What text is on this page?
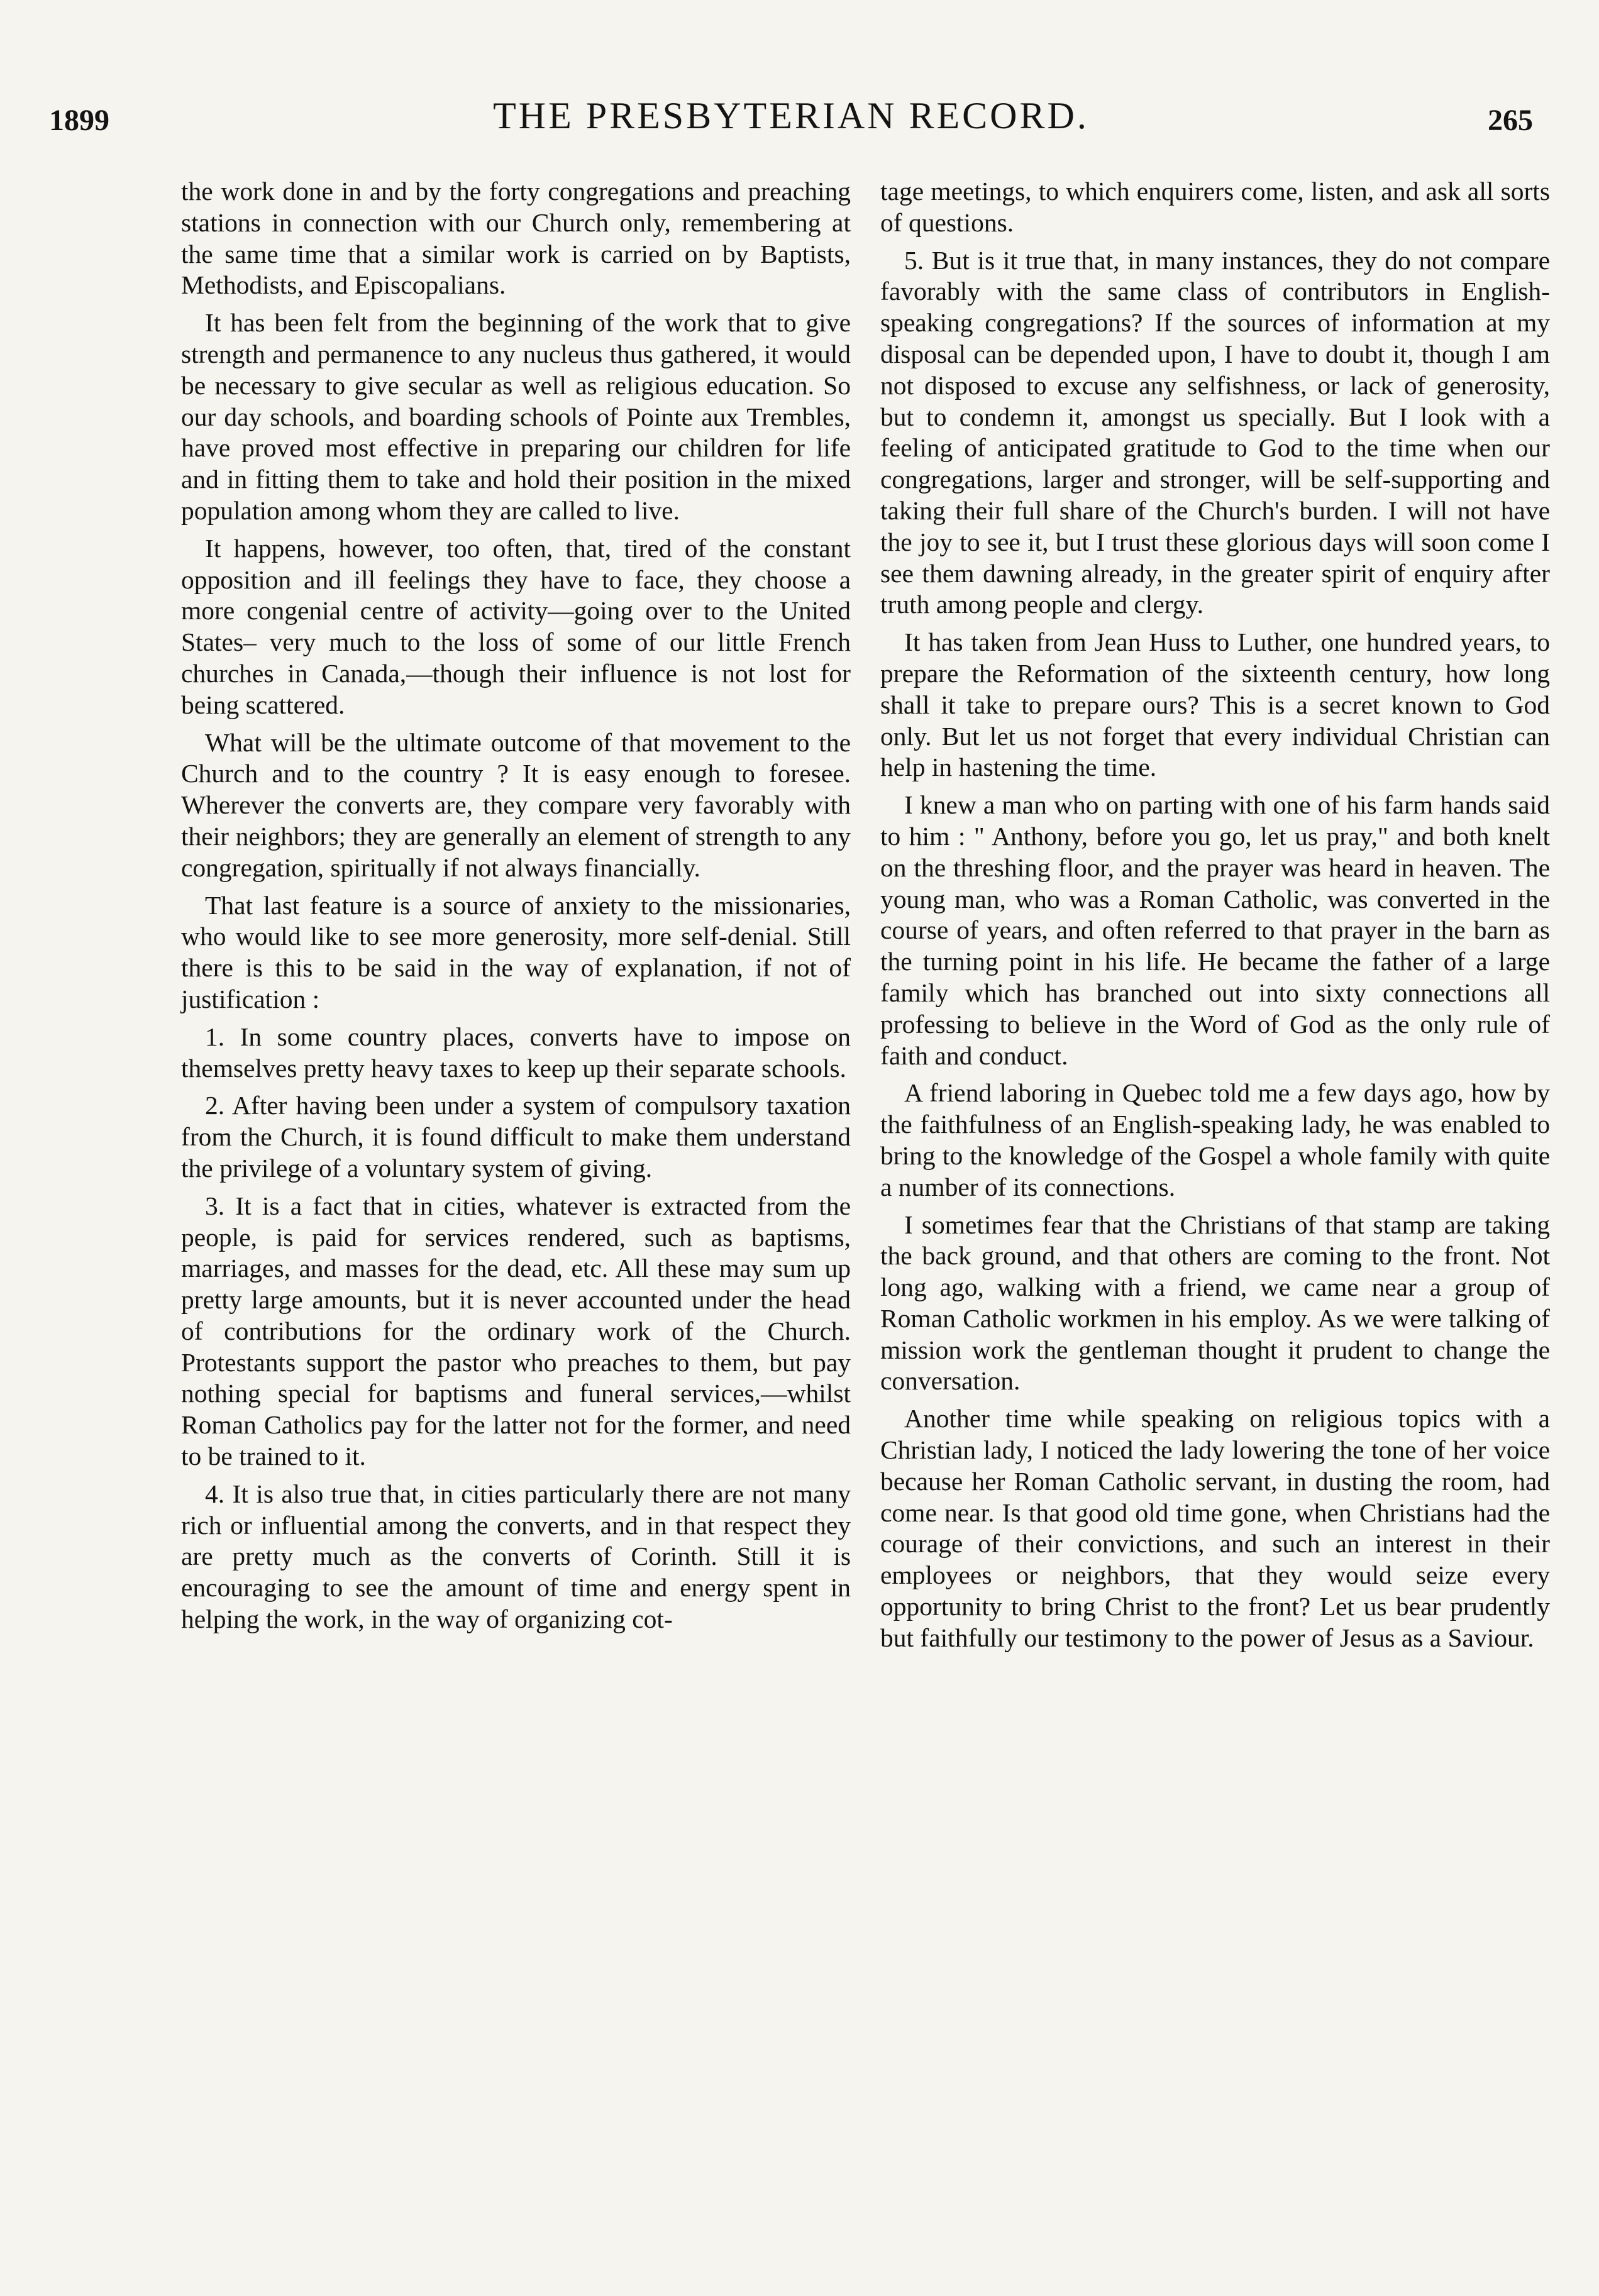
1899	THE PRESBYTERIAN RECORD.	265

the work done in and by the forty congregations and preaching stations in connection with our Church only, remembering at the same time that a similar work is carried on by Baptists, Methodists, and Episcopalians.

It has been felt from the beginning of the work that to give strength and permanence to any nucleus thus gathered, it would be necessary to give secular as well as religious education. So our day schools, and boarding schools of Pointe aux Trembles, have proved most effective in preparing our children for life and in fitting them to take and hold their position in the mixed population among whom they are called to live.

It happens, however, too often, that, tired of the constant opposition and ill feelings they have to face, they choose a more congenial centre of activity—going over to the United States– very much to the loss of some of our little French churches in Canada,—though their influence is not lost for being scattered.

What will be the ultimate outcome of that movement to the Church and to the country ? It is easy enough to foresee. Wherever the converts are, they compare very favorably with their neighbors; they are generally an element of strength to any congregation, spiritually if not always financially.

That last feature is a source of anxiety to the missionaries, who would like to see more generosity, more self-denial. Still there is this to be said in the way of explanation, if not of justification :

1. In some country places, converts have to impose on themselves pretty heavy taxes to keep up their separate schools.

2. After having been under a system of compulsory taxation from the Church, it is found difficult to make them understand the privilege of a voluntary system of giving.

3. It is a fact that in cities, whatever is extracted from the people, is paid for services rendered, such as baptisms, marriages, and masses for the dead, etc. All these may sum up pretty large amounts, but it is never accounted under the head of contributions for the ordinary work of the Church. Protestants support the pastor who preaches to them, but pay nothing special for baptisms and funeral services,—whilst Roman Catholics pay for the latter not for the former, and need to be trained to it.

4. It is also true that, in cities particularly there are not many rich or influential among the converts, and in that respect they are pretty much as the converts of Corinth. Still it is encouraging to see the amount of time and energy spent in helping the work, in the way of organizing cot-

tage meetings, to which enquirers come, listen, and ask all sorts of questions.

5. But is it true that, in many instances, they do not compare favorably with the same class of contributors in English-speaking congregations? If the sources of information at my disposal can be depended upon, I have to doubt it, though I am not disposed to excuse any selfishness, or lack of generosity, but to condemn it, amongst us specially. But I look with a feeling of anticipated gratitude to God to the time when our congregations, larger and stronger, will be self-supporting and taking their full share of the Church's burden. I will not have the joy to see it, but I trust these glorious days will soon come I see them dawning already, in the greater spirit of enquiry after truth among people and clergy.

It has taken from Jean Huss to Luther, one hundred years, to prepare the Reformation of the sixteenth century, how long shall it take to prepare ours? This is a secret known to God only. But let us not forget that every individual Christian can help in hastening the time.

I knew a man who on parting with one of his farm hands said to him : " Anthony, before you go, let us pray," and both knelt on the threshing floor, and the prayer was heard in heaven. The young man, who was a Roman Catholic, was converted in the course of years, and often referred to that prayer in the barn as the turning point in his life. He became the father of a large family which has branched out into sixty connections all professing to believe in the Word of God as the only rule of faith and conduct.

A friend laboring in Quebec told me a few days ago, how by the faithfulness of an English-speaking lady, he was enabled to bring to the knowledge of the Gospel a whole family with quite a number of its connections.

I sometimes fear that the Christians of that stamp are taking the back ground, and that others are coming to the front. Not long ago, walking with a friend, we came near a group of Roman Catholic workmen in his employ. As we were talking of mission work the gentleman thought it prudent to change the conversation.

Another time while speaking on religious topics with a Christian lady, I noticed the lady lowering the tone of her voice because her Roman Catholic servant, in dusting the room, had come near. Is that good old time gone, when Christians had the courage of their convictions, and such an interest in their employees or neighbors, that they would seize every opportunity to bring Christ to the front? Let us bear prudently but faithfully our testimony to the power of Jesus as a Saviour.
